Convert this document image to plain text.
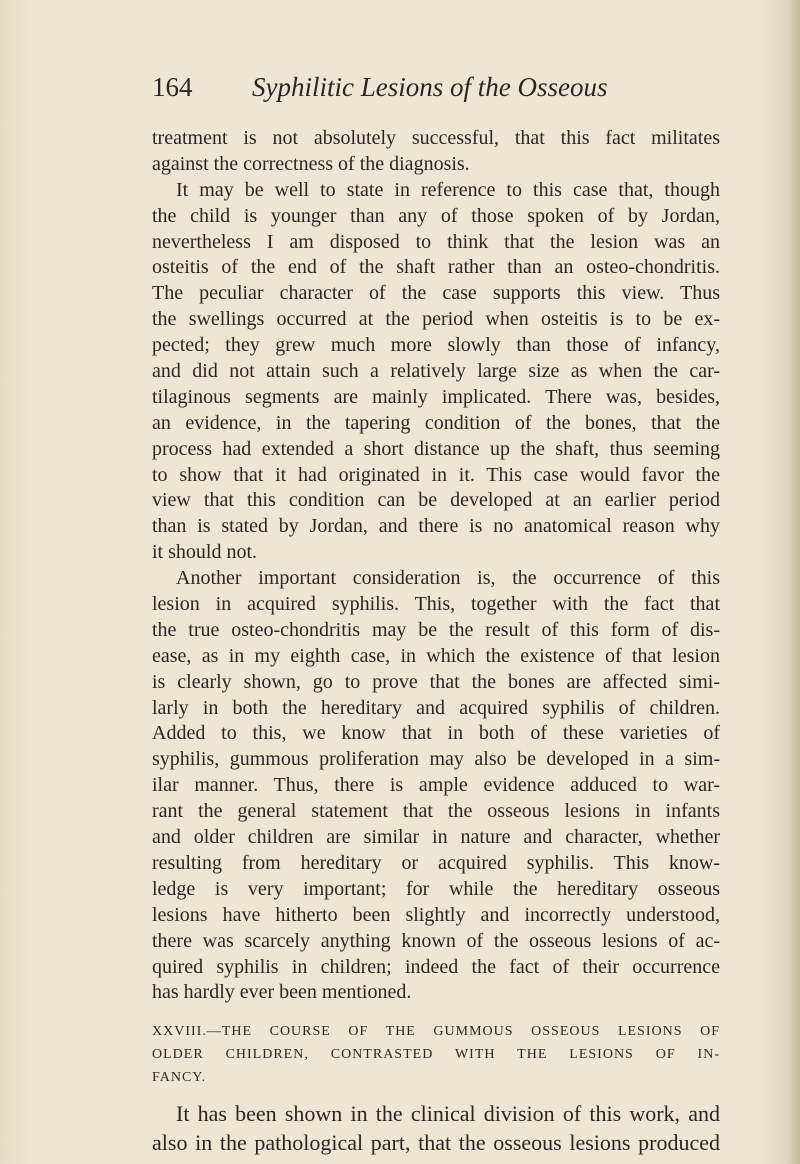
164 Syphilitic Lesions of the Osseous
treatment is not absolutely successful, that this fact militates
against the correctness of the diagnosis.
It may be well to state in reference to this case that, though
the child is younger than any of those spoken of by Jordan,
nevertheless I am disposed to think that the lesion was an
osteitis of the end of the shaft rather than an osteo-chondritis.
The peculiar character of the case supports this view. Thus
the swellings occurred at the period when osteitis is to be ex-
pected; they grew much more slowly than those of infancy,
and did not attain such a relatively large size as when the car-
tilaginous segments are mainly implicated. There was, besides,
an evidence, in the tapering condition of the bones, that the
process had extended a short distance up the shaft, thus seeming
to show that it had originated in it. This case would favor the
view that this condition can be developed at an earlier period
than is stated by Jordan, and there is no anatomical reason why
it should not.
Another important consideration is, the occurrence of this
lesion in acquired syphilis. This, together with the fact that
the true osteo-chondritis may be the result of this form of dis-
ease, as in my eighth case, in which the existence of that lesion
is clearly shown, go to prove that the bones are affected simi-
larly in both the hereditary and acquired syphilis of children.
Added to this, we know that in both of these varieties of
syphilis, gummous proliferation may also be developed in a sim-
ilar manner. Thus, there is ample evidence adduced to war-
rant the general statement that the osseous lesions in infants
and older children are similar in nature and character, whether
resulting from hereditary or acquired syphilis. This know-
ledge is very important; for while the hereditary osseous
lesions have hitherto been slightly and incorrectly understood,
there was scarcely anything known of the osseous lesions of ac-
quired syphilis in children; indeed the fact of their occurrence
has hardly ever been mentioned.
XXVIII.—THE COURSE OF THE GUMMOUS OSSEOUS LESIONS OF
OLDER CHILDREN, CONTRASTED WITH THE LESIONS OF IN-
FANCY.
It has been shown in the clinical division of this work, and
also in the pathological part, that the osseous lesions produced
